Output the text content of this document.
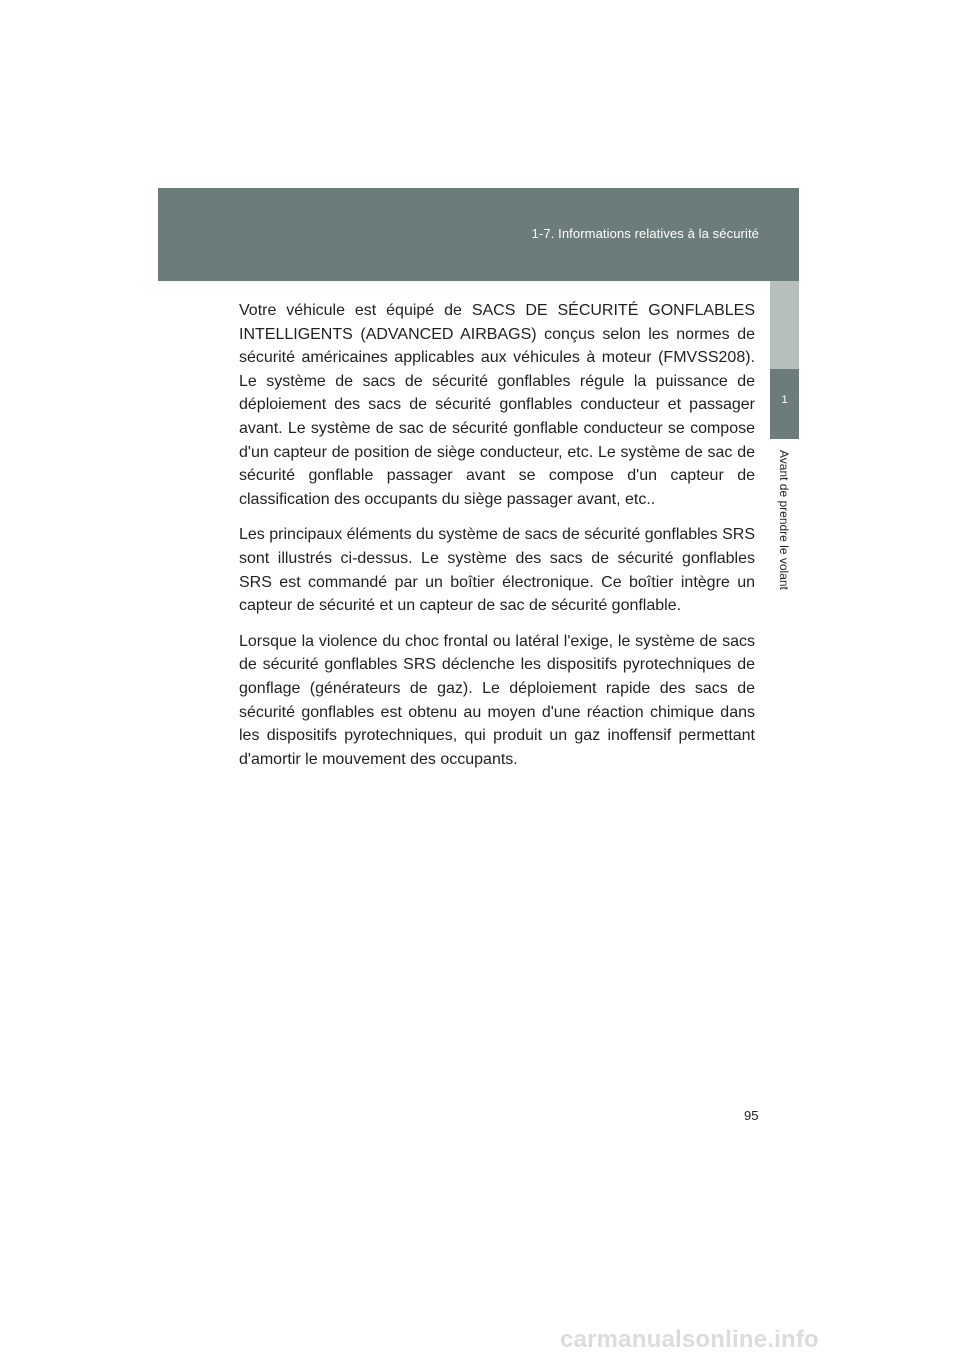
1-7. Informations relatives à la sécurité
1
Avant de prendre le volant

Votre véhicule est équipé de SACS DE SÉCURITÉ GONFLABLES INTELLIGENTS (ADVANCED AIRBAGS) conçus selon les normes de sécurité américaines applicables aux véhicules à moteur (FMVSS208). Le système de sacs de sécurité gonflables régule la puissance de déploiement des sacs de sécurité gonflables conducteur et passager avant. Le système de sac de sécurité gonflable conducteur se compose d'un capteur de position de siège conducteur, etc. Le système de sac de sécurité gonflable passager avant se compose d'un capteur de classification des occupants du siège passager avant, etc..

Les principaux éléments du système de sacs de sécurité gonflables SRS sont illustrés ci-dessus. Le système des sacs de sécurité gonflables SRS est commandé par un boîtier électronique. Ce boîtier intègre un capteur de sécurité et un capteur de sac de sécurité gonflable.

Lorsque la violence du choc frontal ou latéral l'exige, le système de sacs de sécurité gonflables SRS déclenche les dispositifs pyrotechniques de gonflage (générateurs de gaz). Le déploiement rapide des sacs de sécurité gonflables est obtenu au moyen d'une réaction chimique dans les dispositifs pyrotechniques, qui produit un gaz inoffensif permettant d'amortir le mouvement des occupants.

95
carmanualsonline.info
